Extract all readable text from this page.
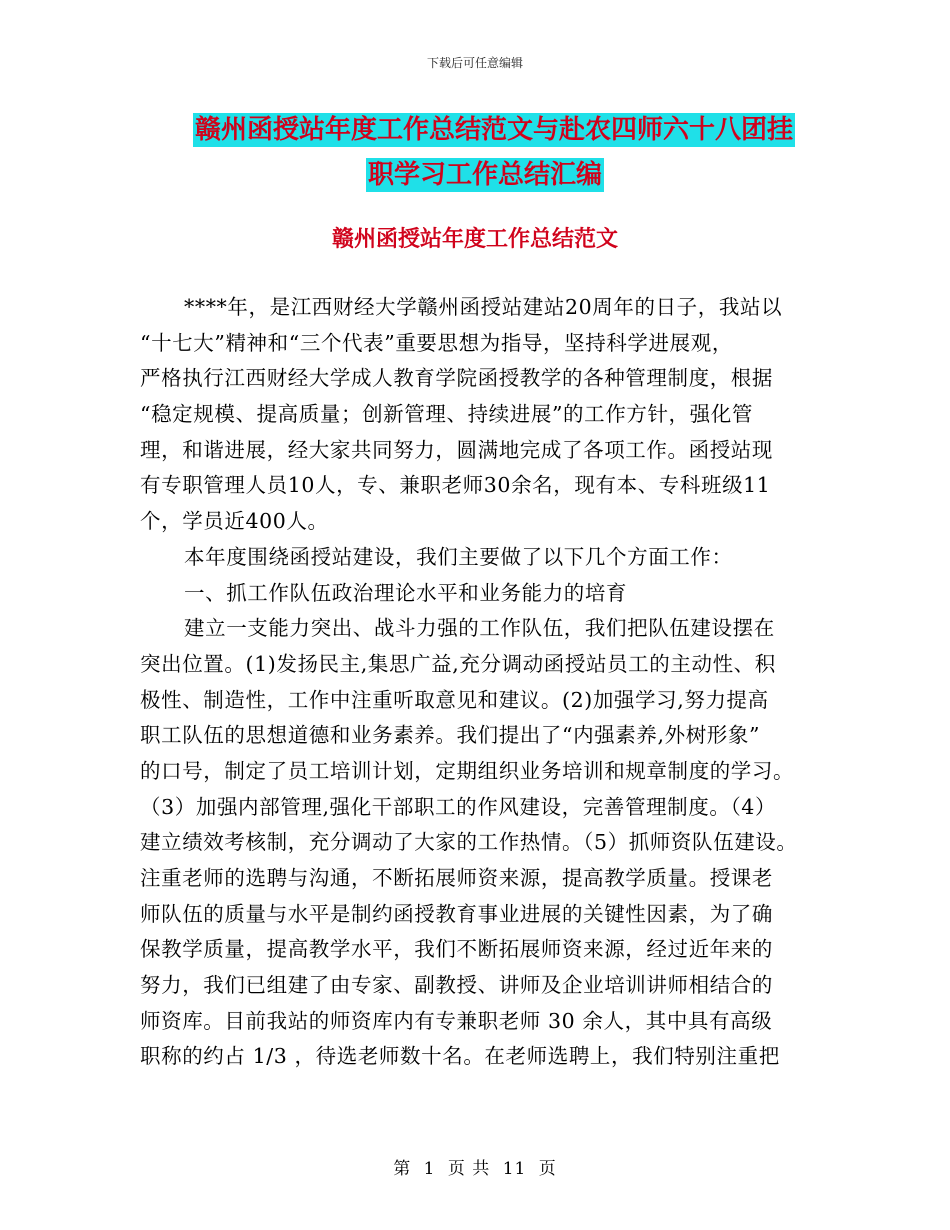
下载后可任意编辑
赣州函授站年度工作总结范文与赴农四师六十八团挂
职学习工作总结汇编
赣州函授站年度工作总结范文
****年，是江西财经大学赣州函授站建站20周年的日子，我站以
“十七大”精神和“三个代表”重要思想为指导，坚持科学进展观，
严格执行江西财经大学成人教育学院函授教学的各种管理制度，根据
“稳定规模、提高质量；创新管理、持续进展”的工作方针，强化管
理，和谐进展，经大家共同努力，圆满地完成了各项工作。函授站现
有专职管理人员10人，专、兼职老师30余名，现有本、专科班级11
个，学员近400人。
本年度围绕函授站建设，我们主要做了以下几个方面工作：
一、抓工作队伍政治理论水平和业务能力的培育
建立一支能力突出、战斗力强的工作队伍，我们把队伍建设摆在
突出位置。(1)发扬民主,集思广益,充分调动函授站员工的主动性、积
极性、制造性，工作中注重听取意见和建议。(2)加强学习,努力提高
职工队伍的思想道德和业务素养。我们提出了“内强素养,外树形象”
的口号，制定了员工培训计划，定期组织业务培训和规章制度的学习。
（3）加强内部管理,强化干部职工的作风建设，完善管理制度。（4）
建立绩效考核制，充分调动了大家的工作热情。（5）抓师资队伍建设。
注重老师的选聘与沟通，不断拓展师资来源，提高教学质量。授课老
师队伍的质量与水平是制约函授教育事业进展的关键性因素，为了确
保教学质量，提高教学水平，我们不断拓展师资来源，经过近年来的
努力，我们已组建了由专家、副教授、讲师及企业培训讲师相结合的
师资库。目前我站的师资库内有专兼职老师 30 余人，其中具有高级
职称的约占 1/3 ，待选老师数十名。在老师选聘上，我们特别注重把
第 1 页 共 11 页
